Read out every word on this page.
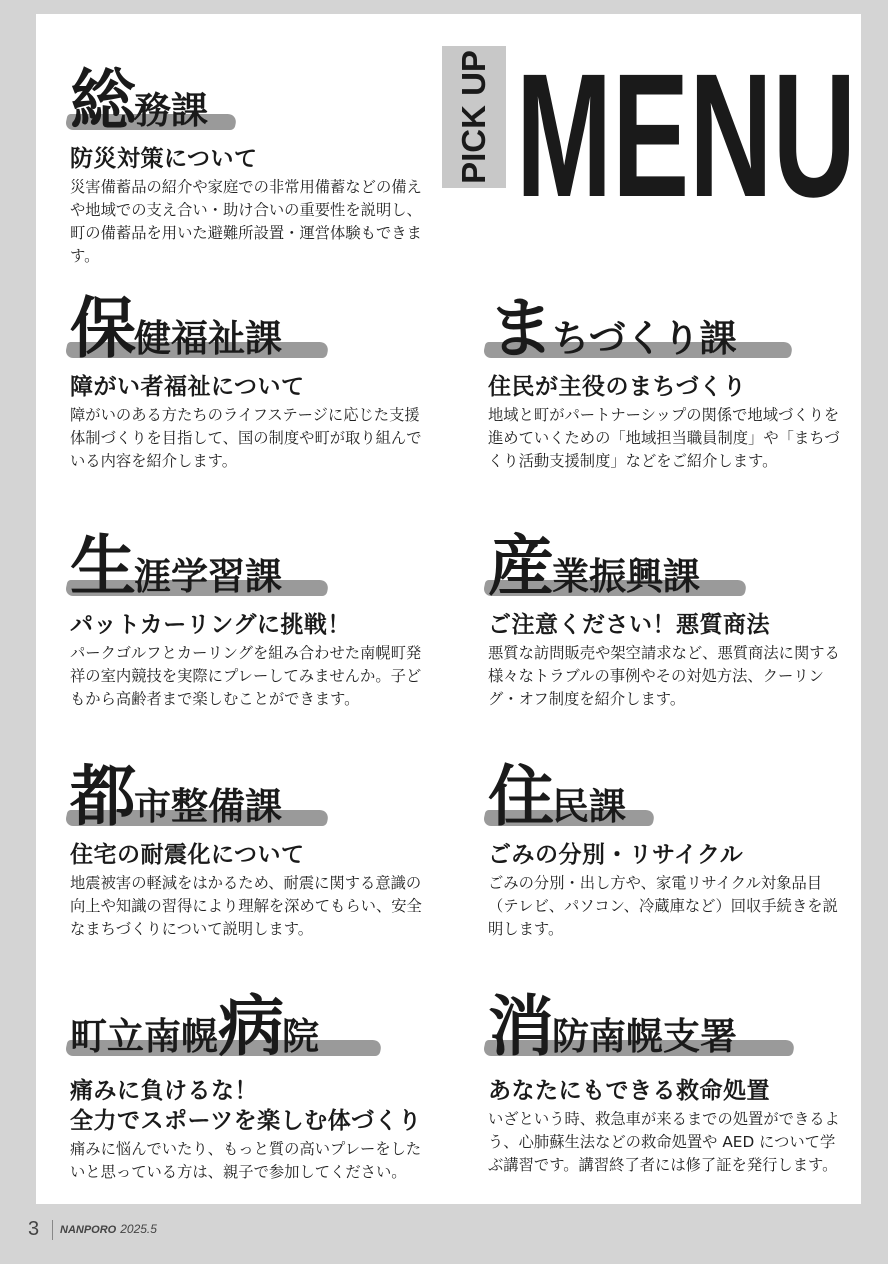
PICK UP MENU
総務課
防災対策について
災害備蓄品の紹介や家庭での非常用備蓄などの備えや地域での支え合い・助け合いの重要性を説明し、町の備蓄品を用いた避難所設置・運営体験もできます。
保健福祉課
障がい者福祉について
障がいのある方たちのライフステージに応じた支援体制づくりを目指して、国の制度や町が取り組んでいる内容を紹介します。
まちづくり課
住民が主役のまちづくり
地域と町がパートナーシップの関係で地域づくりを進めていくための「地域担当職員制度」や「まちづくり活動支援制度」などをご紹介します。
生涯学習課
パットカーリングに挑戦！
パークゴルフとカーリングを組み合わせた南幌町発祥の室内競技を実際にプレーしてみませんか。子どもから高齢者まで楽しむことができます。
産業振興課
ご注意ください！悪質商法
悪質な訪問販売や架空請求など、悪質商法に関する様々なトラブルの事例やその対処方法、クーリング・オフ制度を紹介します。
都市整備課
住宅の耐震化について
地震被害の軽減をはかるため、耐震に関する意識の向上や知識の習得により理解を深めてもらい、安全なまちづくりについて説明します。
住民課
ごみの分別・リサイクル
ごみの分別・出し方や、家電リサイクル対象品目（テレビ、パソコン、冷蔵庫など）回収手続きを説明します。
町立南幌病院
痛みに負けるな！
全力でスポーツを楽しむ体づくり
痛みに悩んでいたり、もっと質の高いプレーをしたいと思っている方は、親子で参加してください。
消防南幌支署
あなたにもできる救命処置
いざという時、救急車が来るまでの処置ができるよう、心肺蘇生法などの救命処置や AED について学ぶ講習です。講習終了者には修了証を発行します。
3 NANPORO 2025.5
